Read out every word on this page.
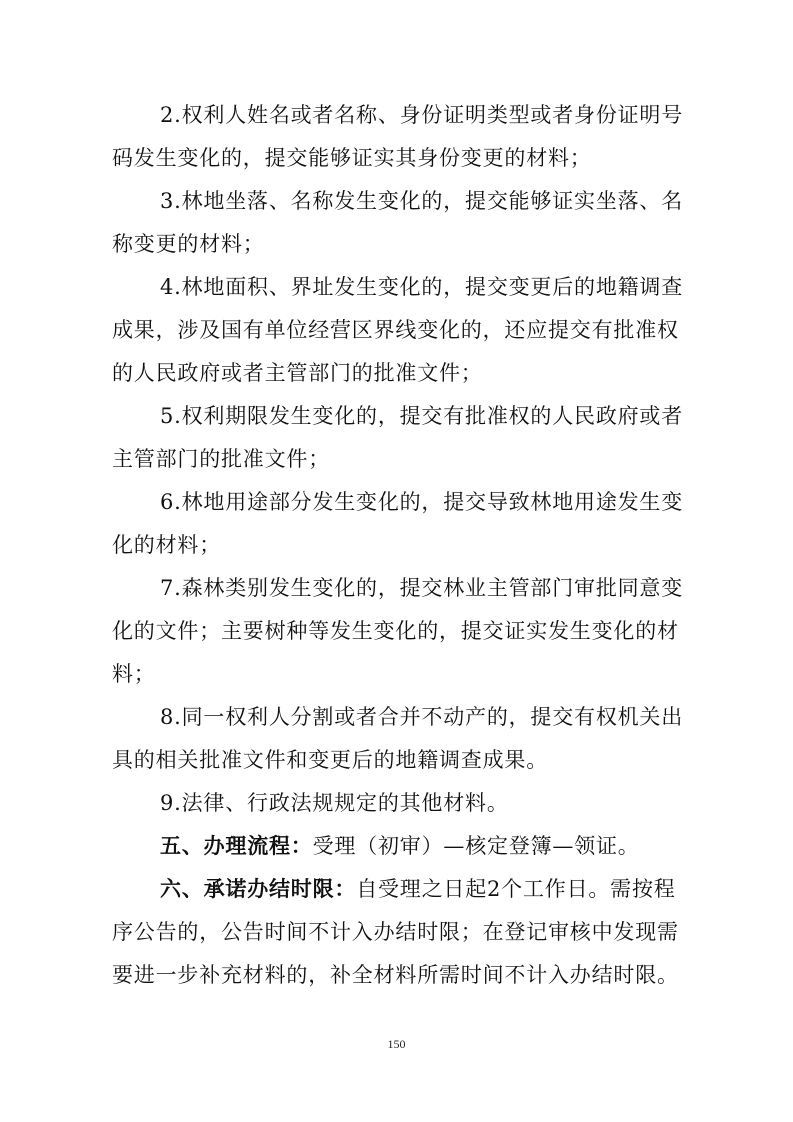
2.权利人姓名或者名称、身份证明类型或者身份证明号
码发生变化的，提交能够证实其身份变更的材料；
3.林地坐落、名称发生变化的，提交能够证实坐落、名
称变更的材料；
4.林地面积、界址发生变化的，提交变更后的地籍调查
成果，涉及国有单位经营区界线变化的，还应提交有批准权
的人民政府或者主管部门的批准文件；
5.权利期限发生变化的，提交有批准权的人民政府或者
主管部门的批准文件；
6.林地用途部分发生变化的，提交导致林地用途发生变
化的材料；
7.森林类别发生变化的，提交林业主管部门审批同意变
化的文件；主要树种等发生变化的，提交证实发生变化的材
料；
8.同一权利人分割或者合并不动产的，提交有权机关出
具的相关批准文件和变更后的地籍调查成果。
9.法律、行政法规规定的其他材料。
五、办理流程：受理（初审）—核定登簿—领证。
六、承诺办结时限：自受理之日起2个工作日。需按程
序公告的，公告时间不计入办结时限；在登记审核中发现需
要进一步补充材料的，补全材料所需时间不计入办结时限。
150
